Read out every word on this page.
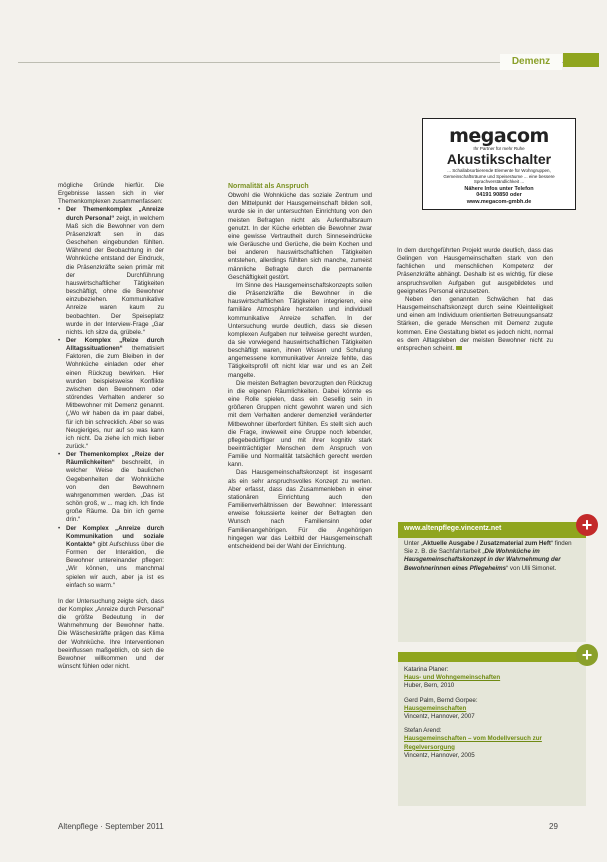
Demenz
megacom
Ihr Partner für mehr Ruhe
Akustikschalter
... Schallabsorbierende Elemente für Wohngruppen, Gemeinschaftsräume und Speiseräume ... eine bessere Sprachverständlichkeit ...
Nähere Infos unter Telefon
04191 90850 oder
www.megacom-gmbh.de

mögliche Gründe hierfür. Die Ergebnisse lassen sich in vier Themenkomplexen zusammenfassen:

• Der Themenkomplex „Anreize durch Personal“ zeigt, in welchem Maß sich die Bewohner von dem Präsenzkraft sen in das Geschehen eingebunden fühlten. Während der Beobachtung in der Wohnküche entstand der Eindruck, die Präsenzkräfte seien primär mit der Durchführung hauswirtschaftlicher Tätigkeiten beschäftigt, ohne die Bewohner einzubeziehen. Kommunikative Anreize waren kaum zu beobachten. Der Speiseplatz wurde in der Interview-Frage „Gar nichts. Ich sitze da, grübele.“
• Der Komplex „Reize durch Alltagssituationen“ thematisiert Faktoren, die zum Bleiben in der Wohnküche einladen oder eher einen Rückzug bewirken. Hier wurden beispielsweise Konflikte zwischen den Bewohnern oder störendes Verhalten anderer so Mitbewohner mit Demenz genannt. („Wo wir haben da im paar dabei, für ich bin schrecklich. Aber so was Neugieriges, nur auf so was kann ich nicht. Da ziehe ich mich lieber zurück.“
• Der Themenkomplex „Reize der Räumlichkeiten“ beschreibt, in welcher Weise die baulichen Gegebenheiten der Wohnküche von den Bewohnern wahrgenommen werden. „Das ist schön groß, w ... mag ich. Ich finde große Räume. Da bin ich gerne drin.“
• Der Komplex „Anreize durch Kommunikation und soziale Kontakte“ gibt Aufschluss über die Formen der Interaktion, die Bewohner untereinander pflegen: „Wir können, uns manchmal spielen wir auch, aber ja ist es einfach so warm.“

In der Untersuchung zeigte sich, dass der Komplex „Anreize durch Personal“ die größte Bedeutung in der Wahrnehmung der Bewohner hatte. Die Wäscheskräfte prägen das Klima der Wohnküche. Ihre Interventionen beeinflussen maßgeblich, ob sich die Bewohner willkommen und der wünscht fühlen oder nicht.

Normalität als Anspruch

Obwohl die Wohnküche das soziale Zentrum und den Mittelpunkt der Hausgemeinschaft bilden soll, wurde sie in der untersuchten Einrichtung von den meisten Befragten nicht als Aufenthaltsraum genutzt. In der Küche erlebten die Bewohner zwar eine gewisse Vertrautheit durch Sinneseindrücke wie Geräusche und Gerüche, die beim Kochen und bei anderen hauswirtschaftlichen Tätigkeiten entstehen, allerdings fühlten sich manche, zumeist männliche Befragte durch die permanente Geschäftigkeit gestört.

Im Sinne des Hausgemeinschaftskonzepts sollen die Präsenzkräfte die Bewohner in die hauswirtschaftlichen Tätigkeiten integrieren, eine familiäre Atmosphäre herstellen und individuell kommunikative Anreize schaffen. In der Untersuchung wurde deutlich, dass sie diesen komplexen Aufgaben nur teilweise gerecht wurden, da sie vorwiegend hauswirtschaftlichen Tätigkeiten beschäftigt waren, ihnen Wissen und Schulung angemessene kommunikativer Anreize fehlte, das Tätigkeitsprofil oft nicht klar war und es an Zeit mangelte.

Die meisten Befragten bevorzugten den Rückzug in die eigenen Räumlichkeiten. Dabei könnte es eine Rolle spielen, dass ein Gesellig sein in größeren Gruppen nicht gewohnt waren und sich mit dem Verhalten anderer demenziell veränderter Mitbewohner überfordert fühlten. Es stellt sich auch die Frage, inwieweit eine Gruppe noch lebender, pflegebedürftiger und mit ihrer kognitiv stark beeinträchtigter Menschen dem Anspruch von Familie und Normalität tatsächlich gerecht werden kann.

Das Hausgemeinschaftskonzept ist insgesamt als ein sehr anspruchsvolles Konzept zu werten. Aber erfasst, dass das Zusammenleben in einer stationären Einrichtung auch den Familienverhältnissen der Bewohner: Interessant erweise fokussierte keiner der Befragten den Wunsch nach Familiensinn oder Familienangehörigen. Für die Angehörigen hingegen war das Leitbild der Hausgemeinschaft entscheidend bei der Wahl der Einrichtung.

In dem durchgeführten Projekt wurde deutlich, dass das Gelingen von Hausgemeinschaften stark von den fachlichen und menschlichen Kompetenz der Präsenzkräfte abhängt. Deshalb ist es wichtig, für diese anspruchsvollen Aufgaben gut ausgebildetes und geeignetes Personal einzusetzen.

Neben den genannten Schwächen hat das Hausgemeinschaftskonzept durch seine Kleinteiligkeit und einen am Individuum orientierten Betreuungsansatz Stärken, die gerade Menschen mit Demenz zugute kommen. Eine Gestaltung bietet es jedoch nicht, normal es dem Alltagsleben der meisten Bewohner nicht zu entsprechen scheint.

www.altenpflege.vincentz.net
Unter „Aktuelle Ausgabe / Zusatzmaterial zum Heft“ finden Sie z. B. die Sachfahrtarbeit „Die Wohnküche im Hausgemeinschaftskonzept in der Wahrnehmung der Bewohnerinnen eines Pflegeheims“ von Ulli Simonet.
+
Katarina Planer:
Haus- und Wohngemeinschaften
Huber, Bern, 2010
Gerd Palm, Bernd Gorpee:
Hausgemeinschaften
Vincentz, Hannover, 2007
Stefan Arend:
Hausgemeinschaften – vom Modellversuch zur Regelversorgung
Vincentz, Hannover, 2005
+
Altenpflege · September 2011	29
